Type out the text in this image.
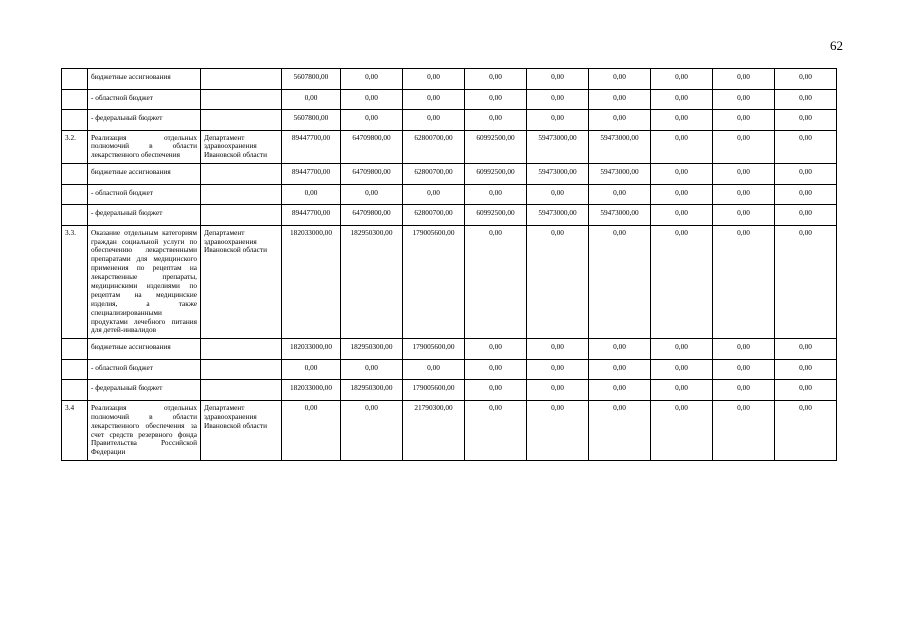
62
	бюджетные ассигнования		5607800,00	0,00	0,00	0,00	0,00	0,00	0,00	0,00	0,00
	- областной бюджет		0,00	0,00	0,00	0,00	0,00	0,00	0,00	0,00	0,00
	- федеральный бюджет		5607800,00	0,00	0,00	0,00	0,00	0,00	0,00	0,00	0,00
3.2.	Реализация отдельных полномочий в области лекарственного обеспечения	Департамент здравоохранения Ивановской области	89447700,00	64709800,00	62800700,00	60992500,00	59473000,00	59473000,00	0,00	0,00	0,00
	бюджетные ассигнования		89447700,00	64709800,00	62800700,00	60992500,00	59473000,00	59473000,00	0,00	0,00	0,00
	- областной бюджет		0,00	0,00	0,00	0,00	0,00	0,00	0,00	0,00	0,00
	- федеральный бюджет		89447700,00	64709800,00	62800700,00	60992500,00	59473000,00	59473000,00	0,00	0,00	0,00
3.3.	Оказание отдельным категориям граждан социальной услуги по обеспечению лекарственными препаратами для медицинского применения по рецептам на лекарственные препараты, медицинскими изделиями по рецептам на медицинские изделия, а также специализированными продуктами лечебного питания для детей-инвалидов	Департамент здравоохранения Ивановской области	182033000,00	182950300,00	179005600,00	0,00	0,00	0,00	0,00	0,00	0,00
	бюджетные ассигнования		182033000,00	182950300,00	179005600,00	0,00	0,00	0,00	0,00	0,00	0,00
	- областной бюджет		0,00	0,00	0,00	0,00	0,00	0,00	0,00	0,00	0,00
	- федеральный бюджет		182033000,00	182950300,00	179005600,00	0,00	0,00	0,00	0,00	0,00	0,00
3.4	Реализация отдельных полномочий в области лекарственного обеспечения за счет средств резервного фонда Правительства Российской Федерации	Департамент здравоохранения Ивановской области	0,00	0,00	21790300,00	0,00	0,00	0,00	0,00	0,00	0,00
